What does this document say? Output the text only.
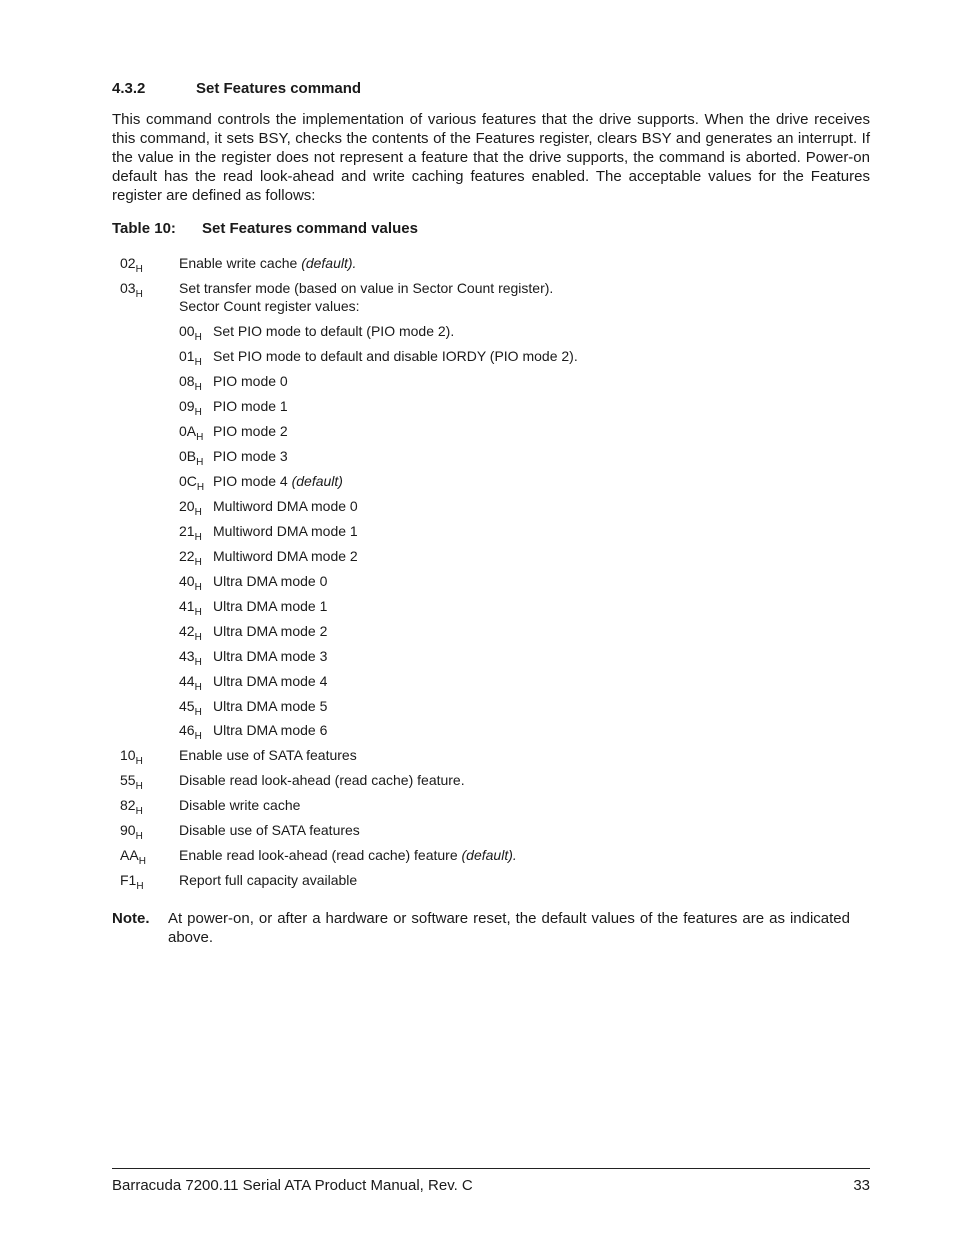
4.3.2	Set Features command

This command controls the implementation of various features that the drive supports. When the drive receives this command, it sets BSY, checks the contents of the Features register, clears BSY and generates an interrupt. If the value in the register does not represent a feature that the drive supports, the command is aborted. Power-on default has the read look-ahead and write caching features enabled. The acceptable values for the Features register are defined as follows:

Table 10: Set Features command values
$02_H$	Enable write cache (default).
$03_H$	Set transfer mode (based on value in Sector Count register).
Sector Count register values:
$00_H$ Set PIO mode to default (PIO mode 2).
$01_H$ Set PIO mode to default and disable IORDY (PIO mode 2).
$08_H$ PIO mode 0
$09_H$ PIO mode 1
$0A_H$ PIO mode 2
$0B_H$ PIO mode 3
$0C_H$ PIO mode 4 (default)
$20_H$ Multiword DMA mode 0
$21_H$ Multiword DMA mode 1
$22_H$ Multiword DMA mode 2
$40_H$ Ultra DMA mode 0
$41_H$ Ultra DMA mode 1
$42_H$ Ultra DMA mode 2
$43_H$ Ultra DMA mode 3
$44_H$ Ultra DMA mode 4
$45_H$ Ultra DMA mode 5
$46_H$ Ultra DMA mode 6
$10_H$	Enable use of SATA features
$55_H$	Disable read look-ahead (read cache) feature.
$82_H$	Disable write cache
$90_H$	Disable use of SATA features
$AA_H$ Enable read look-ahead (read cache) feature (default).
$F1_H$	Report full capacity available
Note. At power-on, or after a hardware or software reset, the default values of the features are as indicated above.
Barracuda 7200.11 Serial ATA Product Manual, Rev. C	33
